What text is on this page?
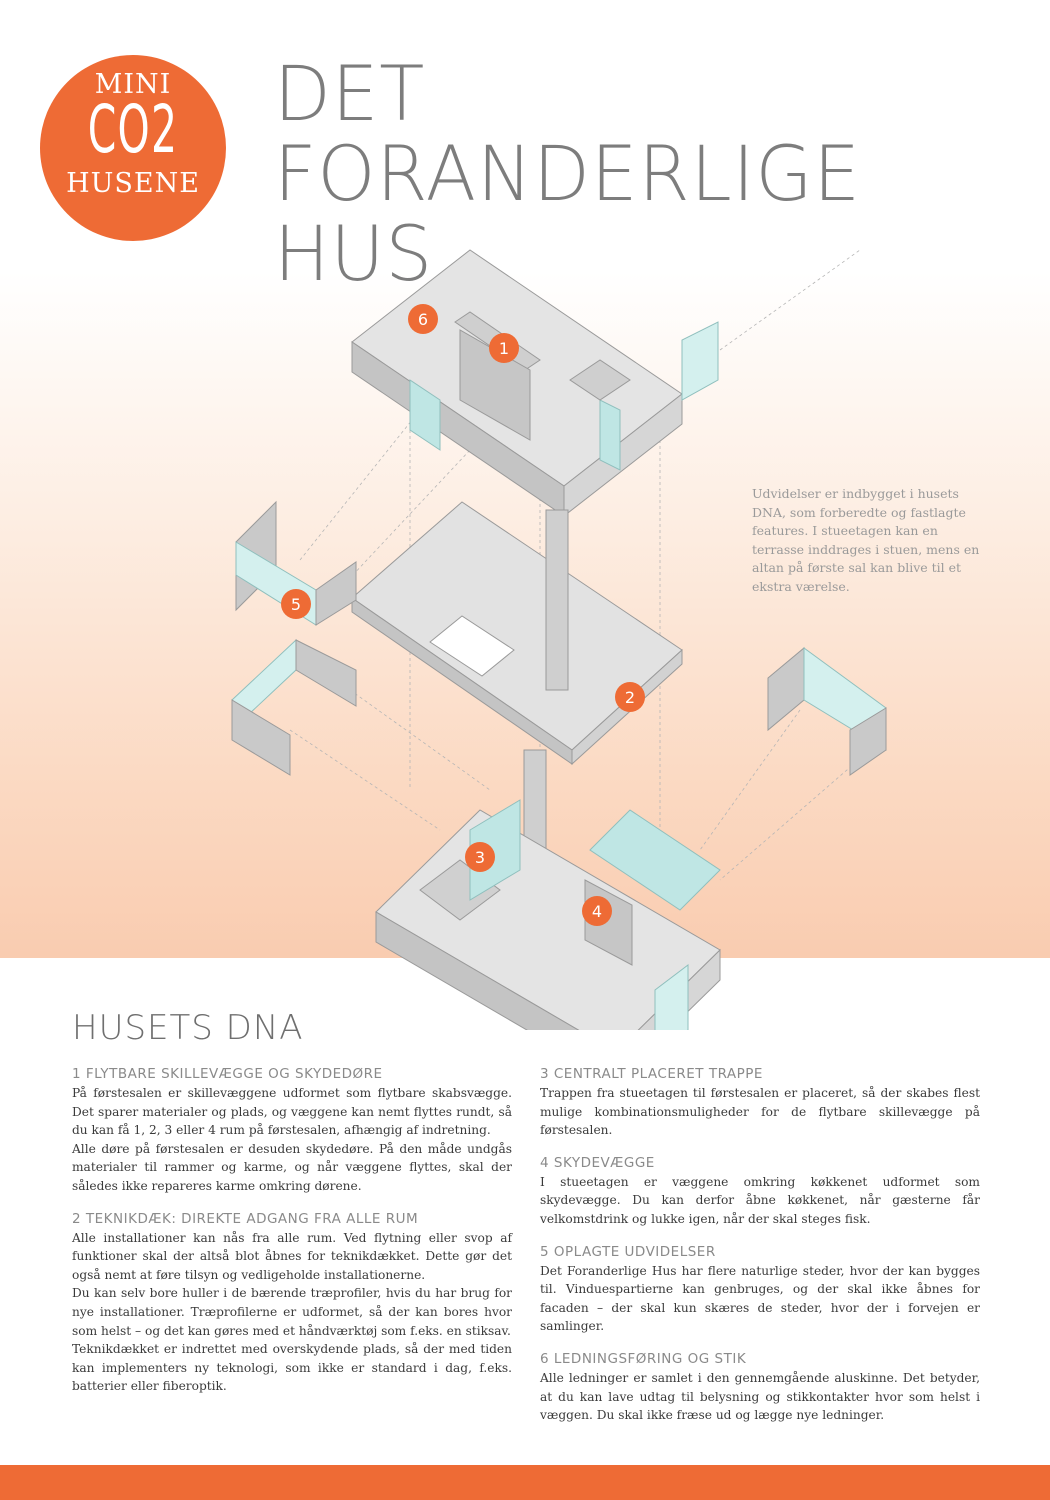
MINI
CO2
HUSENE
DET FORANDERLIGE
HUS
6
1
5
2
3
4
Udvidelser er indbygget i husets DNA, som forberedte og fastlagte features. I stueetagen kan en terrasse inddrages i stuen, mens en altan på første sal kan blive til et ekstra værelse.
HUSETS DNA
1 FLYTBARE SKILLEVÆGGE OG SKYDEDØRE

På førstesalen er skillevæggene udformet som flytbare skabsvægge. Det sparer materialer og plads, og væggene kan nemt flyttes rundt, så du kan få 1, 2, 3 eller 4 rum på førstesalen, afhængig af indretning.

Alle døre på førstesalen er desuden skydedøre. På den måde undgås materialer til rammer og karme, og når væggene flyttes, skal der således ikke repareres karme omkring dørene.

2 TEKNIKDÆK: DIREKTE ADGANG FRA ALLE RUM

Alle installationer kan nås fra alle rum. Ved flytning eller svop af funktioner skal der altså blot åbnes for teknikdækket. Dette gør det også nemt at føre tilsyn og vedligeholde installationerne.

Du kan selv bore huller i de bærende træprofiler, hvis du har brug for nye installationer. Træprofilerne er udformet, så der kan bores hvor som helst – og det kan gøres med et håndværktøj som f.eks. en stiksav.

Teknikdækket er indrettet med overskydende plads, så der med tiden kan implementers ny teknologi, som ikke er standard i dag, f.eks. batterier eller fiberoptik.

3 CENTRALT PLACERET TRAPPE

Trappen fra stueetagen til førstesalen er placeret, så der skabes flest mulige kombinationsmuligheder for de flytbare skillevægge på førstesalen.

4 SKYDEVÆGGE

I stueetagen er væggene omkring køkkenet udformet som skydevægge. Du kan derfor åbne køkkenet, når gæsterne får velkomstdrink og lukke igen, når der skal steges fisk.

5 OPLAGTE UDVIDELSER

Det Foranderlige Hus har flere naturlige steder, hvor der kan bygges til. Vinduespartierne kan genbruges, og der skal ikke åbnes for facaden – der skal kun skæres de steder, hvor der i forvejen er samlinger.

6 LEDNINGSFØRING OG STIK

Alle ledninger er samlet i den gennemgående aluskinne. Det betyder, at du kan lave udtag til belysning og stikkontakter hvor som helst i væggen. Du skal ikke fræse ud og lægge nye ledninger.
